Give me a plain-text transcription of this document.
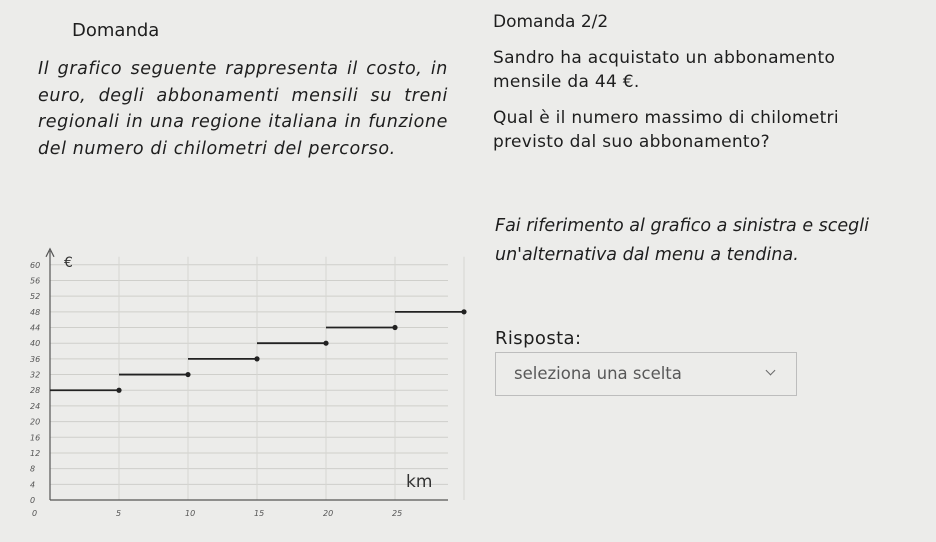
Domanda	Domanda 2/2
Il grafico seguente rappresenta il costo, in euro, degli abbonamenti mensili su treni regionali in una regione italiana in funzione del numero di chilometri del percorso.

Sandro ha acquistato un abbonamento mensile da 44 €.

Qual è il numero massimo di chilometri previsto dal suo abbonamento?

Fai riferimento al grafico a sinistra e scegli un'alternativa dal menu a tendina.
Risposta:
seleziona una scelta
0
4
8
12
16
20
24
28
32
36
40
44
48
52
56
60
0	5	10	15	20	25
€
km
